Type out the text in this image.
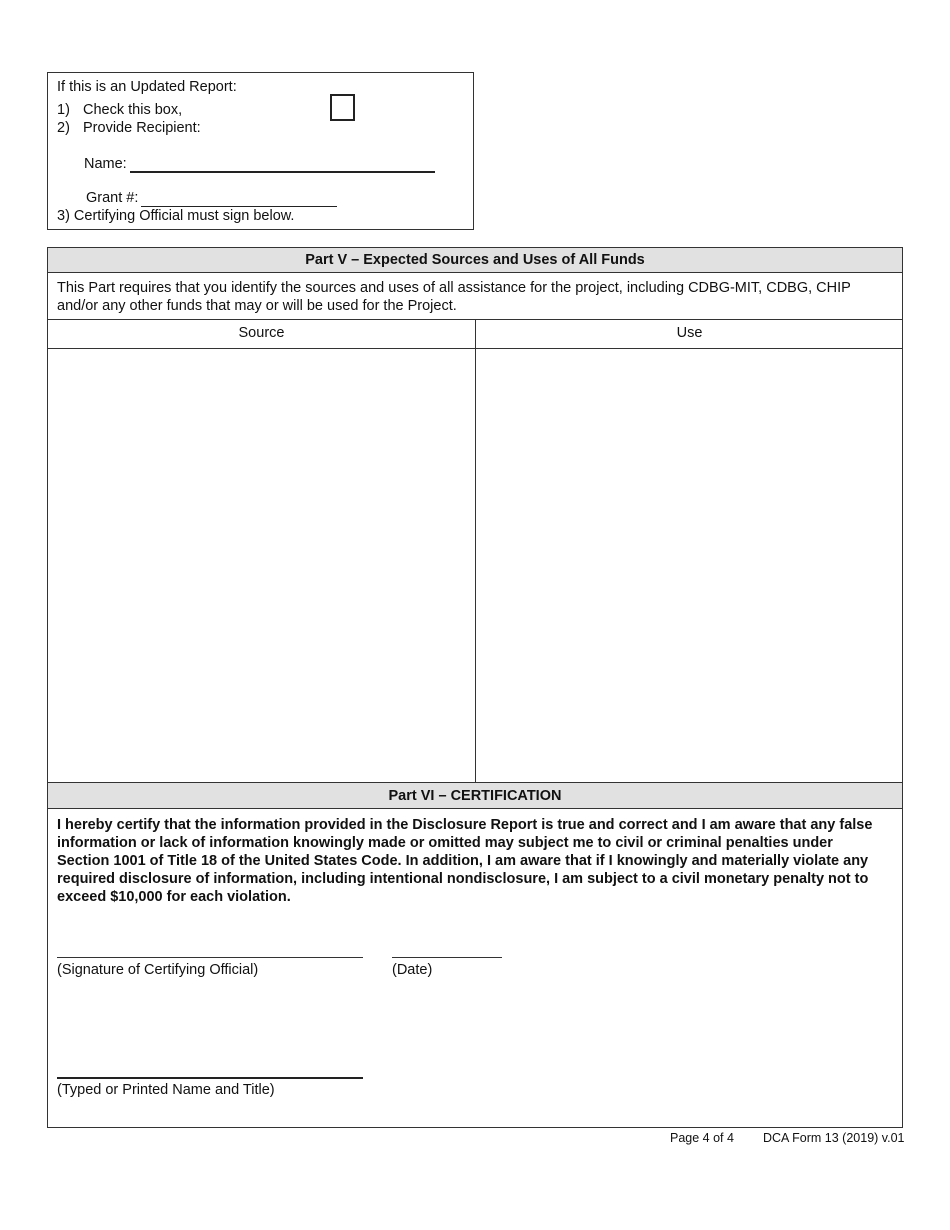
If this is an Updated Report:
1) Check this box,
2) Provide Recipient:
Name:
Grant #:
3) Certifying Official must sign below.
Part V – Expected Sources and Uses of All Funds
This Part requires that you identify the sources and uses of all assistance for the project, including CDBG-MIT, CDBG, CHIP and/or any other funds that may or will be used for the Project.
Source	Use
Part VI – CERTIFICATION
I hereby certify that the information provided in the Disclosure Report is true and correct and I am aware that any false information or lack of information knowingly made or omitted may subject me to civil or criminal penalties under Section 1001 of Title 18 of the United States Code. In addition, I am aware that if I knowingly and materially violate any required disclosure of information, including intentional nondisclosure, I am subject to a civil monetary penalty not to exceed $10,000 for each violation.
(Signature of Certifying Official)	(Date)
(Typed or Printed Name and Title)
Page 4 of 4 DCA Form 13 (2019) v.01
